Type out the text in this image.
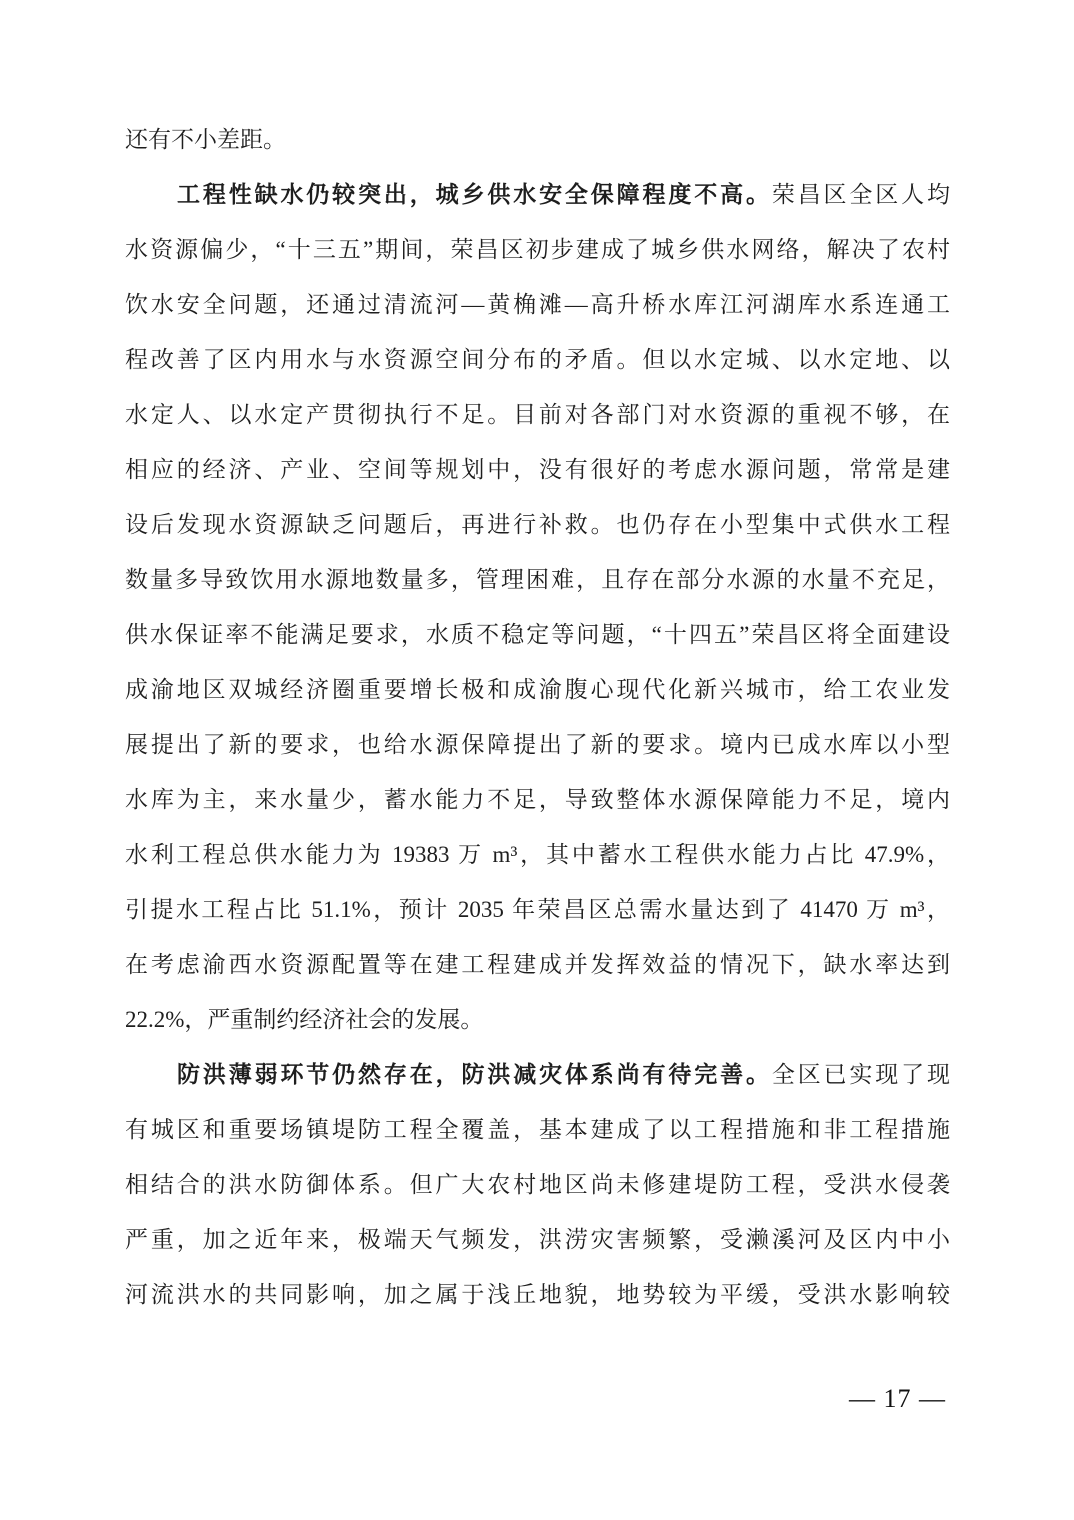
还有不小差距。
工程性缺水仍较突出，城乡供水安全保障程度不高。荣昌区全区人均
水资源偏少，“十三五”期间，荣昌区初步建成了城乡供水网络，解决了农村
饮水安全问题，还通过清流河—黄桷滩—高升桥水库江河湖库水系连通工
程改善了区内用水与水资源空间分布的矛盾。但以水定城、以水定地、以
水定人、以水定产贯彻执行不足。目前对各部门对水资源的重视不够，在
相应的经济、产业、空间等规划中，没有很好的考虑水源问题，常常是建
设后发现水资源缺乏问题后，再进行补救。也仍存在小型集中式供水工程
数量多导致饮用水源地数量多，管理困难，且存在部分水源的水量不充足，
供水保证率不能满足要求，水质不稳定等问题，“十四五”荣昌区将全面建设
成渝地区双城经济圈重要增长极和成渝腹心现代化新兴城市，给工农业发
展提出了新的要求，也给水源保障提出了新的要求。境内已成水库以小型
水库为主，来水量少，蓄水能力不足，导致整体水源保障能力不足，境内
水利工程总供水能力为 19383 万 m³，其中蓄水工程供水能力占比 47.9%，
引提水工程占比 51.1%，预计 2035 年荣昌区总需水量达到了 41470 万 m³，
在考虑渝西水资源配置等在建工程建成并发挥效益的情况下，缺水率达到
22.2%，严重制约经济社会的发展。
防洪薄弱环节仍然存在，防洪减灾体系尚有待完善。全区已实现了现
有城区和重要场镇堤防工程全覆盖，基本建成了以工程措施和非工程措施
相结合的洪水防御体系。但广大农村地区尚未修建堤防工程，受洪水侵袭
严重，加之近年来，极端天气频发，洪涝灾害频繁，受濑溪河及区内中小
河流洪水的共同影响，加之属于浅丘地貌，地势较为平缓，受洪水影响较
— 17 —
